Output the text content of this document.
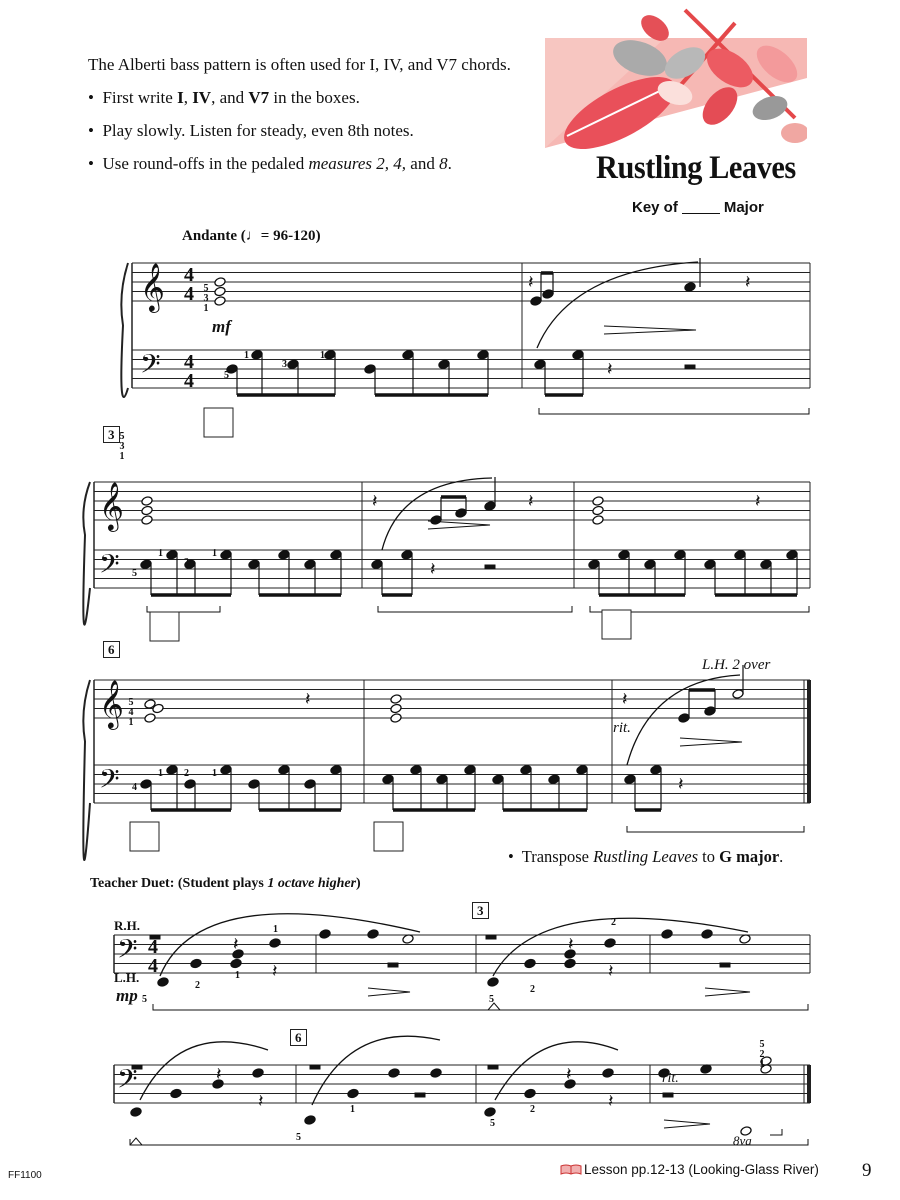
The Alberti bass pattern is often used for I, IV, and V7 chords.

•  First write I, IV, and V7 in the boxes.

•  Play slowly. Listen for steady, even 8th notes.

•  Use round-offs in the pedaled measures 2, 4, and 8.	Rustling Leaves
Key of	Major
Andante (♩= 96-120)
𝄞
𝄢
4
4
4
4
𝄽	𝄽
𝄽
𝄞
𝄢
𝄽	𝄽
𝄽
𝄽
𝄞
𝄢
𝄽	𝄽
𝄽
𝄢 4
4
𝄽
𝄽
𝄽
𝄽
𝄢	𝄽
𝄽
𝄽
𝄽
5
1
3
1
5
1
2
1
4
1 2 1
5
2
1
1
5
2
2
5
1
5
2
3
6
3
6
mf
mp
L.H. 2 over
rit.
rit.
R.H.
L.H.
8va
5
3
1
5
3
1
5
4
1
5
2
1
•  Transpose Rustling Leaves to G major.
Teacher Duet: (Student plays 1 octave higher)
FF1100	Lesson pp.12-13 (Looking-Glass River) 9
